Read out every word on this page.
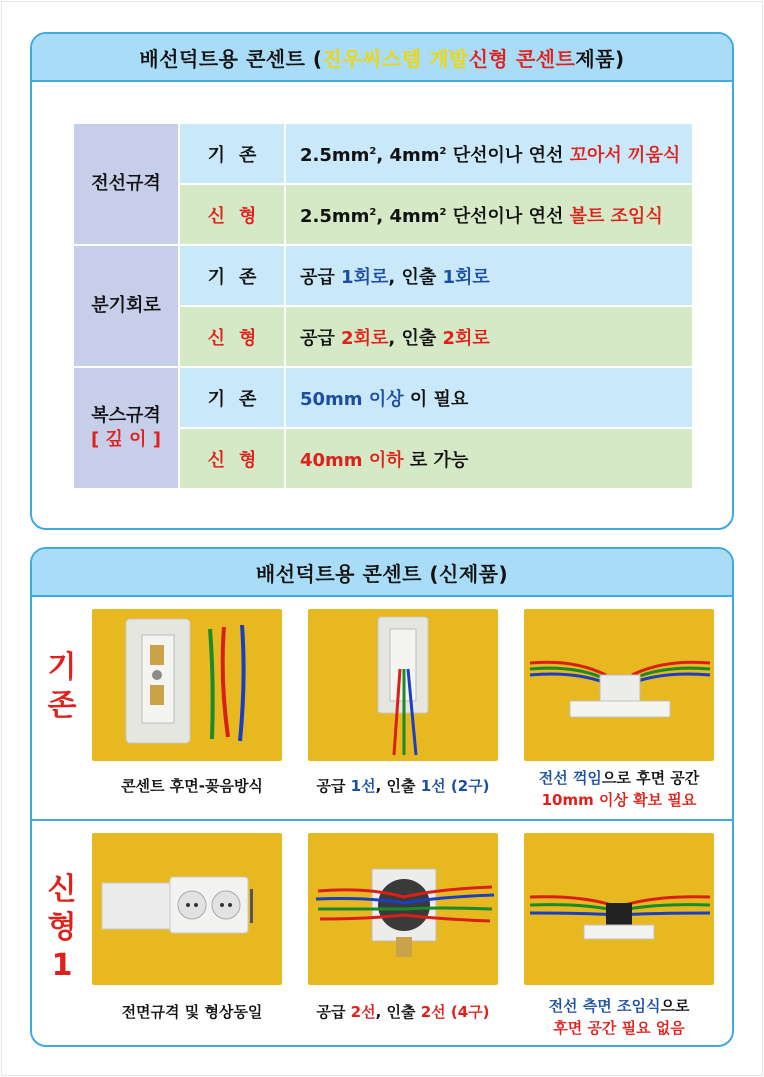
배선덕트용 콘센트 ( 진우씨스템 개발 신형 콘센트 제품)
전선규격	기존	$2.5mm^2$, $4mm^2$ 단선이나 연선 꼬아서 끼움식
	신형	$2.5mm^2$, $4mm^2$ 단선이나 연선 볼트 조임식
분기회로	기존	공급 1회로, 인출 1회로
	신형	공급 2회로, 인출 2회로

복스규격
[ 깊 이 ]	기존	50mm 이상 이 필요
	신형	40mm 이하 로 가능
배선덕트용 콘센트 (신제품)
기
존
신
형
1
콘센트 후면-꽂음방식	공급 1선, 인출 1선 (2구)	전선 꺽임으로 후면 공간
10mm 이상 확보 필요
전면규격 및 형상동일	공급 2선, 인출 2선 (4구)	전선 측면 조임식으로
후면 공간 필요 없음
